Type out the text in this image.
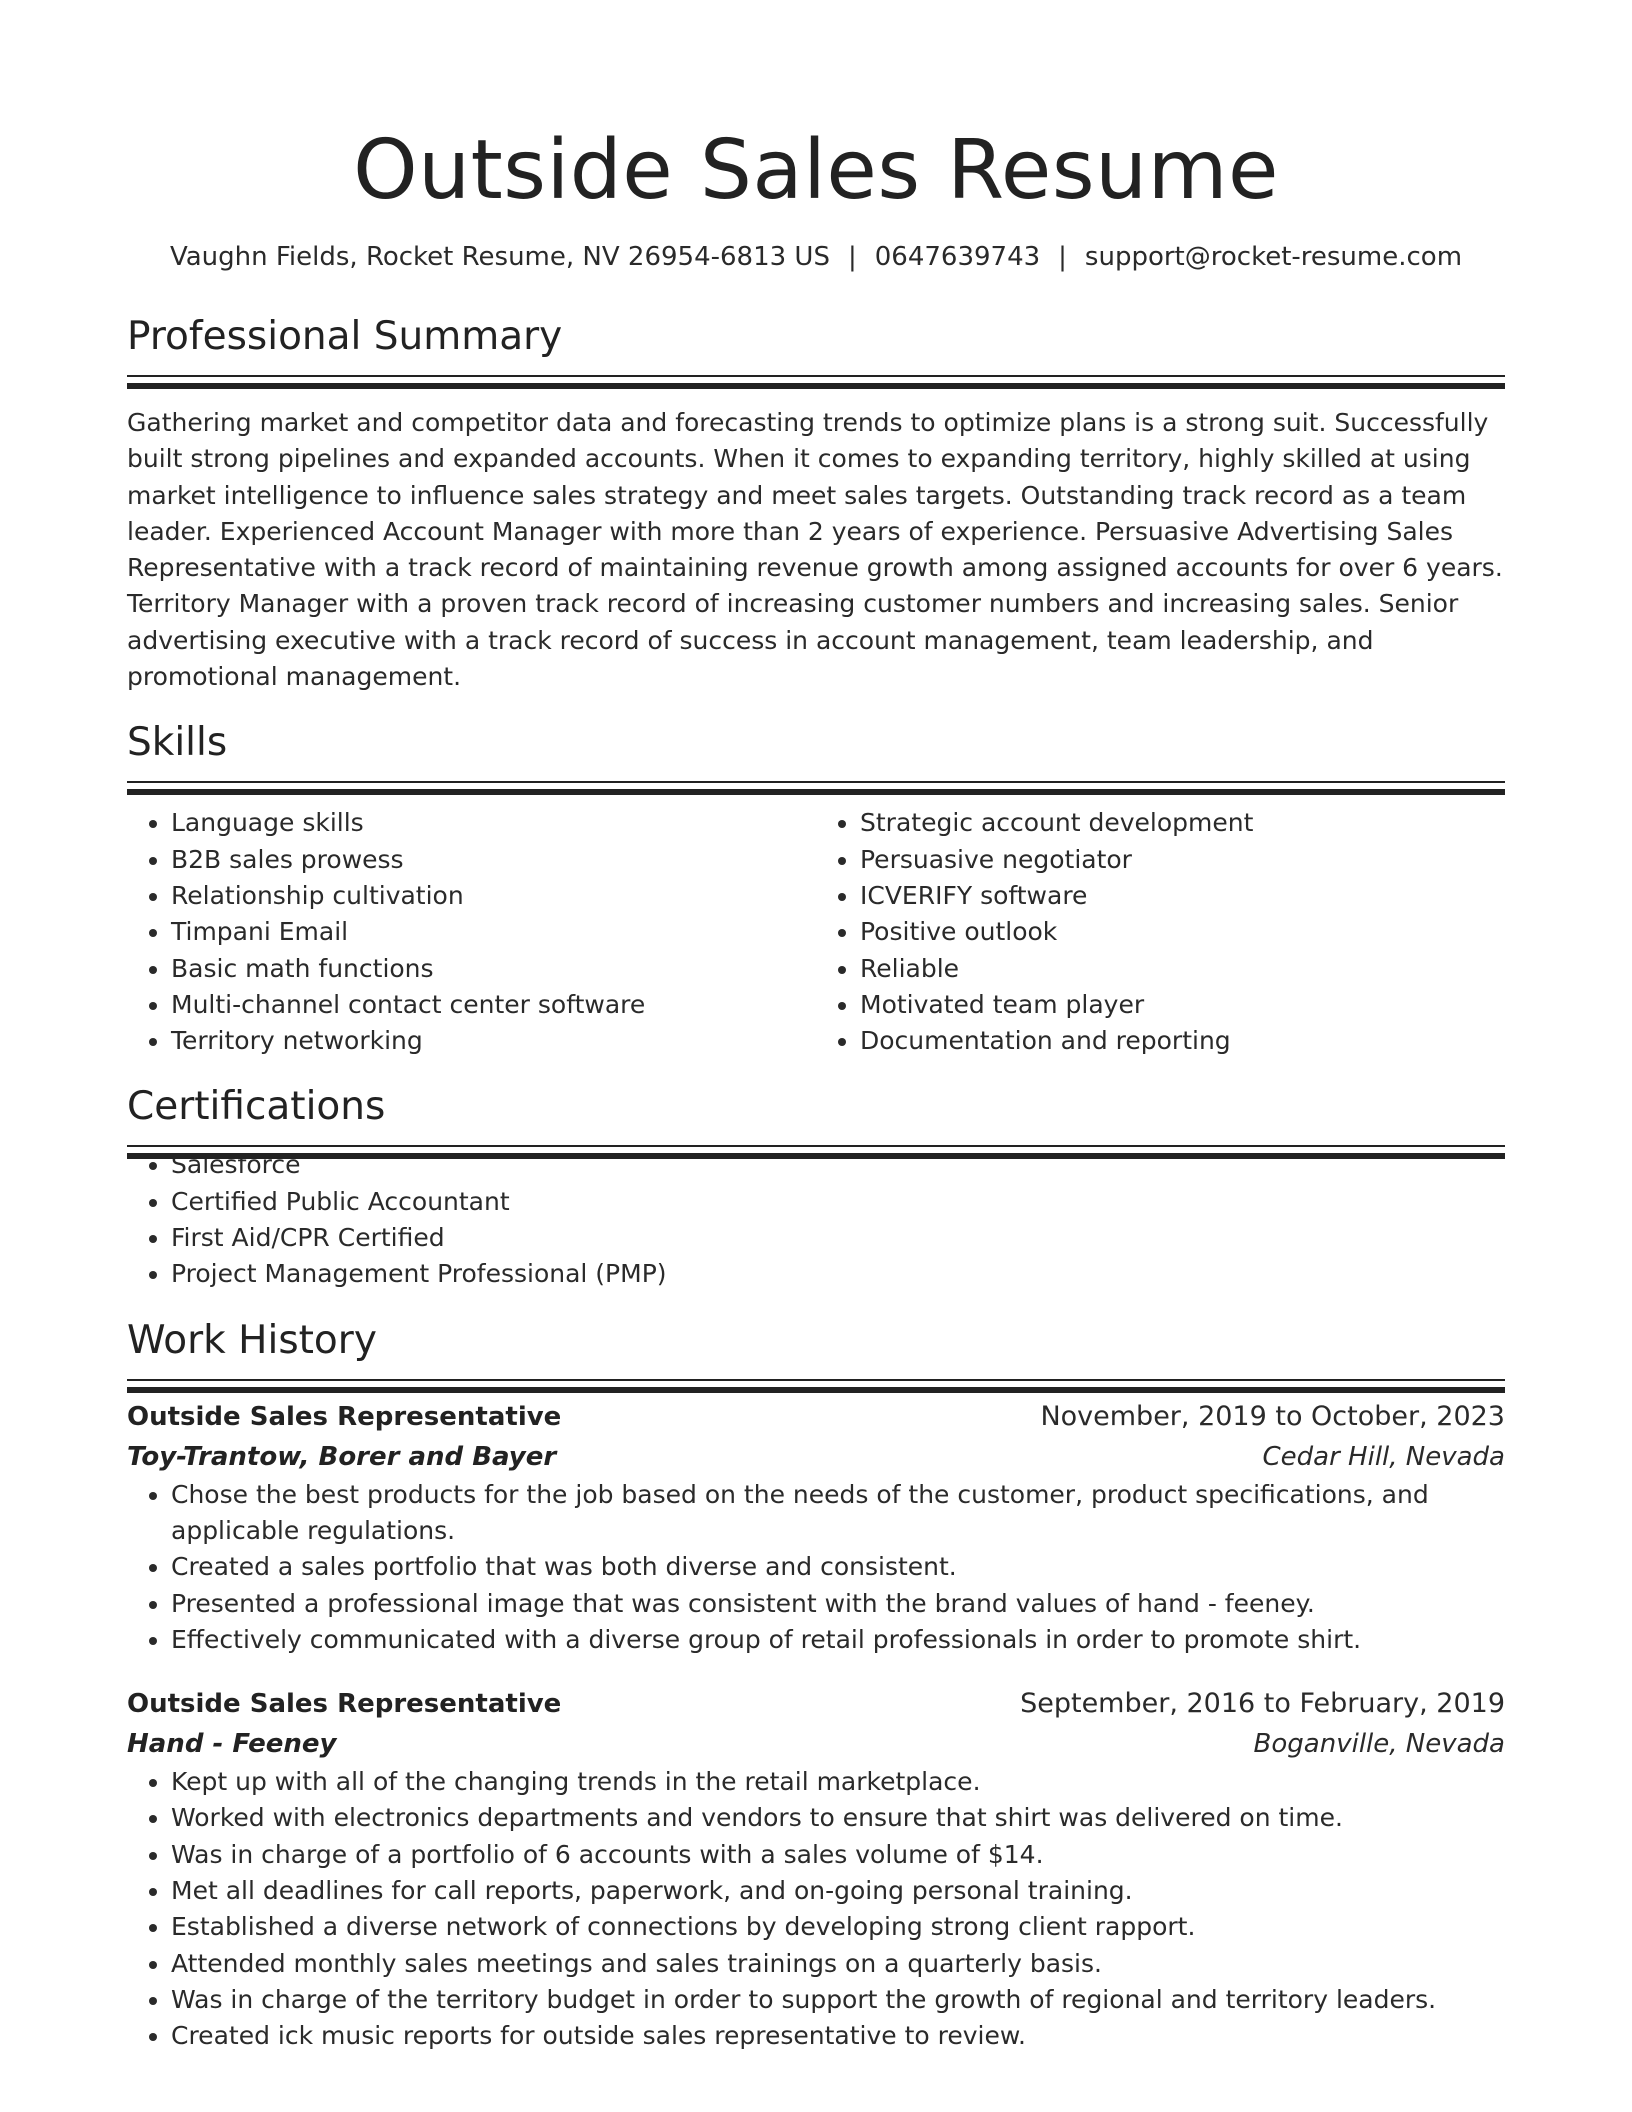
Outside Sales Resume
Vaughn Fields, Rocket Resume, NV 26954-6813 US | 0647639743 | support@rocket-resume.com
Professional Summary

Gathering market and competitor data and forecasting trends to optimize plans is a strong suit. Successfully built strong pipelines and expanded accounts. When it comes to expanding territory, highly skilled at using market intelligence to influence sales strategy and meet sales targets. Outstanding track record as a team leader. Experienced Account Manager with more than 2 years of experience. Persuasive Advertising Sales Representative with a track record of maintaining revenue growth among assigned accounts for over 6 years. Territory Manager with a proven track record of increasing customer numbers and increasing sales. Senior advertising executive with a track record of success in account management, team leadership, and promotional management.

Skills
• Language skills
• B2B sales prowess
• Relationship cultivation
• Timpani Email
• Basic math functions
• Multi-channel contact center software
• Territory networking
• Strategic account development
• Persuasive negotiator
• ICVERIFY software
• Positive outlook
• Reliable
• Motivated team player
• Documentation and reporting
Certifications
• Salesforce
• Certified Public Accountant
• First Aid/CPR Certified
• Project Management Professional (PMP)
Work History
Outside Sales Representative	November, 2019 to October, 2023
Toy-Trantow, Borer and Bayer	Cedar Hill, Nevada
• Chose the best products for the job based on the needs of the customer, product specifications, and applicable regulations.
• Created a sales portfolio that was both diverse and consistent.
• Presented a professional image that was consistent with the brand values of hand - feeney.
• Effectively communicated with a diverse group of retail professionals in order to promote shirt.
Outside Sales Representative	September, 2016 to February, 2019
Hand - Feeney	Boganville, Nevada
• Kept up with all of the changing trends in the retail marketplace.
• Worked with electronics departments and vendors to ensure that shirt was delivered on time.
• Was in charge of a portfolio of 6 accounts with a sales volume of $14.
• Met all deadlines for call reports, paperwork, and on-going personal training.
• Established a diverse network of connections by developing strong client rapport.
• Attended monthly sales meetings and sales trainings on a quarterly basis.
• Was in charge of the territory budget in order to support the growth of regional and territory leaders.
• Created ick music reports for outside sales representative to review.
